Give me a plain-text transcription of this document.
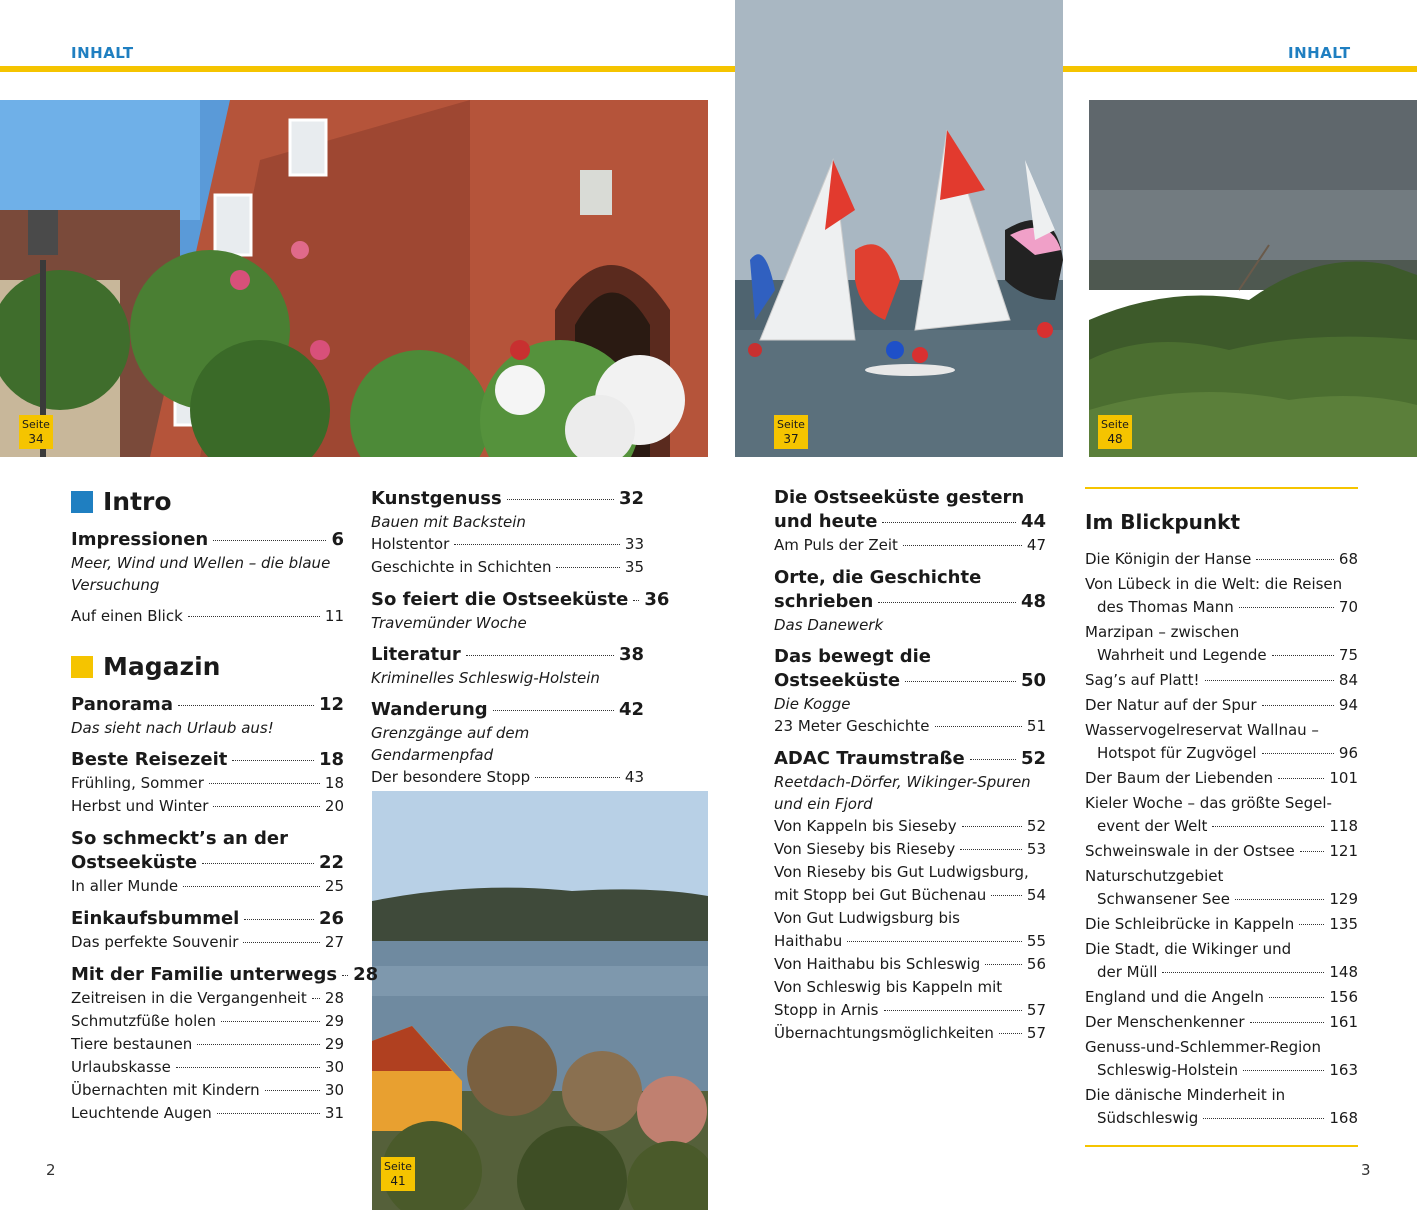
INHALT	INHALT
Seite
34
Seite
37
Seite
48
Seite
41
Intro
Impressionen	6
Meer, Wind und Wellen – die blaue Versuchung
Auf einen Blick	11
Magazin
Panorama	12
Das sieht nach Urlaub aus!
Beste Reisezeit	18
Frühling, Sommer	18
Herbst und Winter	20
So schmeckt’s an der
Ostseeküste	22
In aller Munde	25
Einkaufsbummel	26
Das perfekte Souvenir	27
Mit der Familie unterwegs 28
Zeitreisen in die Vergangenheit 28
Schmutzfüße holen	29
Tiere bestaunen	29
Urlaubskasse	30
Übernachten mit Kindern	30
Leuchtende Augen	31
Kunstgenuss	32
Bauen mit Backstein
Holstentor	33
Geschichte in Schichten	35
So feiert die Ostseeküste 36
Travemünder Woche
Literatur	38
Kriminelles Schleswig-Holstein
Wanderung	42
Grenzgänge auf dem Gendarmenpfad
Der besondere Stopp	43
Die Ostseeküste gestern
und heute	44
Am Puls der Zeit	47
Orte, die Geschichte
schrieben	48
Das Danewerk
Das bewegt die
Ostseeküste	50
Die Kogge
23 Meter Geschichte	51
ADAC Traumstraße	52
Reetdach-Dörfer, Wikinger-Spuren und ein Fjord
Von Kappeln bis Sieseby	52
Von Sieseby bis Rieseby	53
Von Rieseby bis Gut Ludwigsburg,
mit Stopp bei Gut Büchenau	54
Von Gut Ludwigsburg bis
Haithabu	55
Von Haithabu bis Schleswig	56
Von Schleswig bis Kappeln mit
Stopp in Arnis	57
Übernachtungsmöglichkeiten 57
Im Blickpunkt
Die Königin der Hanse	68
Von Lübeck in die Welt: die Reisen
des Thomas Mann	70
Marzipan – zwischen
Wahrheit und Legende	75
Sag’s auf Platt!	84
Der Natur auf der Spur	94
Wasservogelreservat Wallnau –
Hotspot für Zugvögel	96
Der Baum der Liebenden	101
Kieler Woche – das größte Segel-
event der Welt	118
Schweinswale in der Ostsee 121
Naturschutzgebiet
Schwansener See	129
Die Schleibrücke in Kappeln 135
Die Stadt, die Wikinger und
der Müll	148
England und die Angeln	156
Der Menschenkenner	161
Genuss-und-Schlemmer-Region
Schleswig-Holstein	163
Die dänische Minderheit in
Südschleswig	168
2	3
